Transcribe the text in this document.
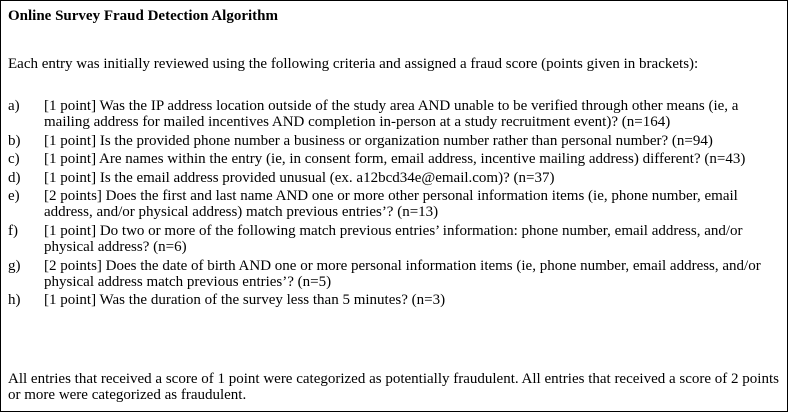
Online Survey Fraud Detection Algorithm
Each entry was initially reviewed using the following criteria and assigned a fraud score (points given in brackets):
a) [1 point] Was the IP address location outside of the study area AND unable to be verified through other means (ie, a mailing address for mailed incentives AND completion in-person at a study recruitment event)? (n=164)
b) [1 point] Is the provided phone number a business or organization number rather than personal number? (n=94)
c) [1 point] Are names within the entry (ie, in consent form, email address, incentive mailing address) different? (n=43)
d) [1 point] Is the email address provided unusual (ex. a12bcd34e@email.com)? (n=37)
e) [2 points] Does the first and last name AND one or more other personal information items (ie, phone number, email address, and/or physical address) match previous entries’? (n=13)
f) [1 point] Do two or more of the following match previous entries’ information: phone number, email address, and/or physical address? (n=6)
g) [2 points] Does the date of birth AND one or more personal information items (ie, phone number, email address, and/or physical address match previous entries’? (n=5)
h) [1 point] Was the duration of the survey less than 5 minutes? (n=3)
All entries that received a score of 1 point were categorized as potentially fraudulent. All entries that received a score of 2 points or more were categorized as fraudulent.
